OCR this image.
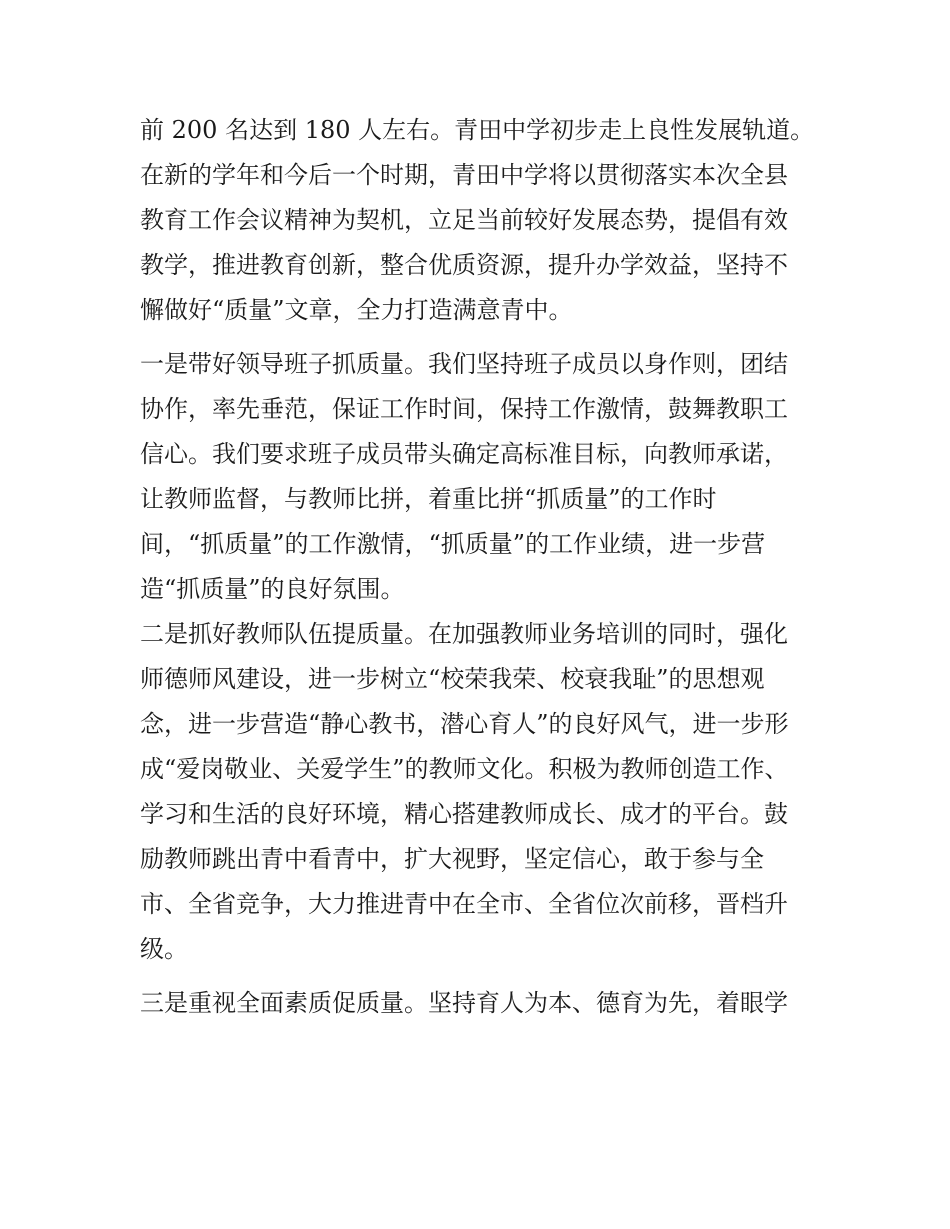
前 200 名达到 180 人左右。青田中学初步走上良性发展轨道。
在新的学年和今后一个时期，青田中学将以贯彻落实本次全县
教育工作会议精神为契机，立足当前较好发展态势，提倡有效
教学，推进教育创新，整合优质资源，提升办学效益，坚持不
懈做好“质量”文章，全力打造满意青中。
一是带好领导班子抓质量。我们坚持班子成员以身作则，团结
协作，率先垂范，保证工作时间，保持工作激情，鼓舞教职工
信心。我们要求班子成员带头确定高标准目标，向教师承诺，
让教师监督，与教师比拼，着重比拼“抓质量”的工作时
间，“抓质量”的工作激情，“抓质量”的工作业绩，进一步营
造“抓质量”的良好氛围。
二是抓好教师队伍提质量。在加强教师业务培训的同时，强化
师德师风建设，进一步树立“校荣我荣、校衰我耻”的思想观
念，进一步营造“静心教书，潜心育人”的良好风气，进一步形
成“爱岗敬业、关爱学生”的教师文化。积极为教师创造工作、
学习和生活的良好环境，精心搭建教师成长、成才的平台。鼓
励教师跳出青中看青中，扩大视野，坚定信心，敢于参与全
市、全省竞争，大力推进青中在全市、全省位次前移，晋档升
级。
三是重视全面素质促质量。坚持育人为本、德育为先，着眼学
